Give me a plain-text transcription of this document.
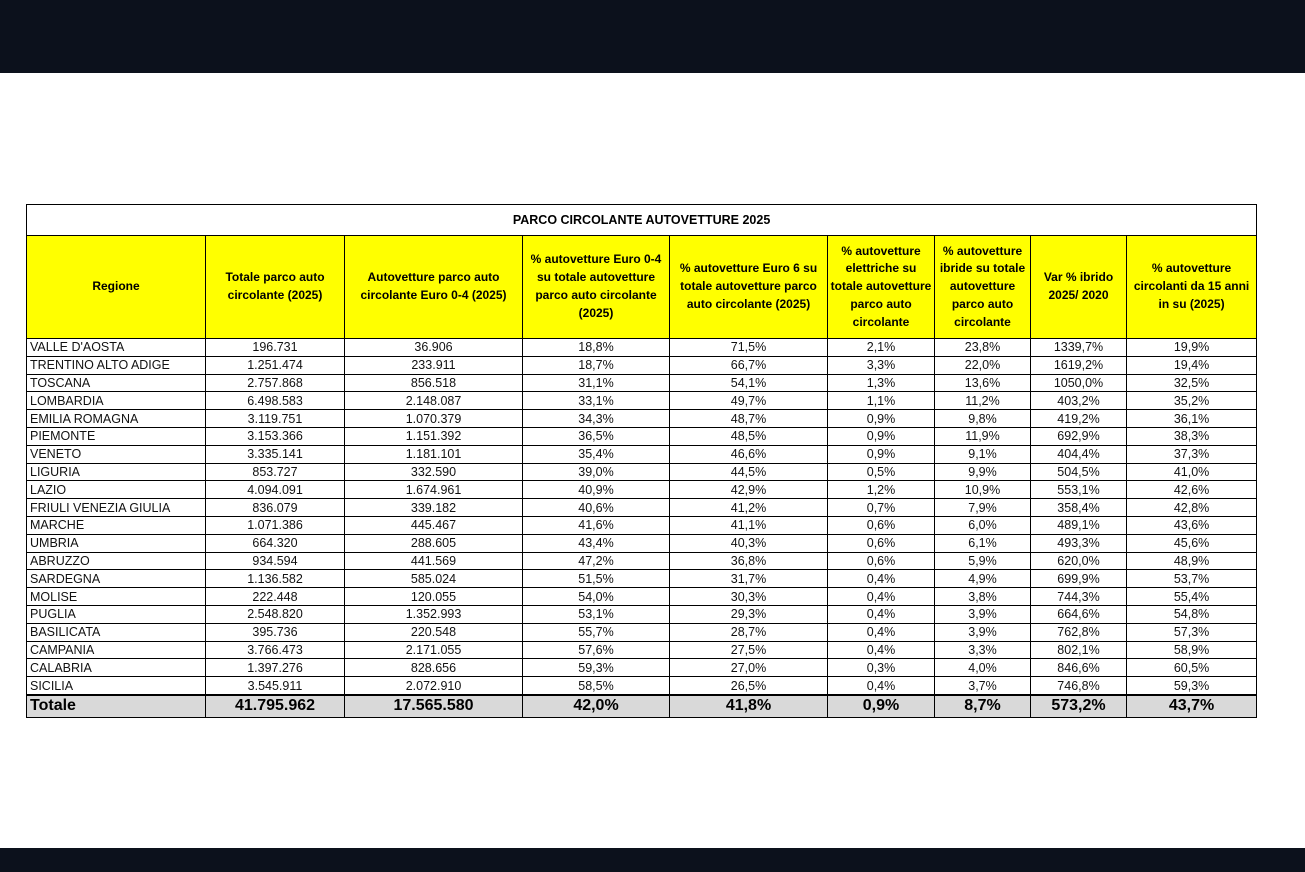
PARCO CIRCOLANTE AUTOVETTURE 2025								
Regione	Totale parco auto circolante (2025)	Autovetture parco auto circolante Euro 0-4 (2025)	% autovetture Euro 0-4 su totale autovetture parco auto circolante (2025)	% autovetture Euro 6 su totale autovetture parco auto circolante (2025)	% autovetture elettriche su totale autovetture parco auto circolante	% autovetture ibride su totale autovetture parco auto circolante	Var % ibrido 2025/ 2020	% autovetture circolanti da 15 anni in su (2025)
VALLE D'AOSTA	196.731	36.906	18,8%	71,5%	2,1%	23,8%	1339,7%	19,9%
TRENTINO ALTO ADIGE	1.251.474	233.911	18,7%	66,7%	3,3%	22,0%	1619,2%	19,4%
TOSCANA	2.757.868	856.518	31,1%	54,1%	1,3%	13,6%	1050,0%	32,5%
LOMBARDIA	6.498.583	2.148.087	33,1%	49,7%	1,1%	11,2%	403,2%	35,2%
EMILIA ROMAGNA	3.119.751	1.070.379	34,3%	48,7%	0,9%	9,8%	419,2%	36,1%
PIEMONTE	3.153.366	1.151.392	36,5%	48,5%	0,9%	11,9%	692,9%	38,3%
VENETO	3.335.141	1.181.101	35,4%	46,6%	0,9%	9,1%	404,4%	37,3%
LIGURIA	853.727	332.590	39,0%	44,5%	0,5%	9,9%	504,5%	41,0%
LAZIO	4.094.091	1.674.961	40,9%	42,9%	1,2%	10,9%	553,1%	42,6%
FRIULI VENEZIA GIULIA	836.079	339.182	40,6%	41,2%	0,7%	7,9%	358,4%	42,8%
MARCHE	1.071.386	445.467	41,6%	41,1%	0,6%	6,0%	489,1%	43,6%
UMBRIA	664.320	288.605	43,4%	40,3%	0,6%	6,1%	493,3%	45,6%
ABRUZZO	934.594	441.569	47,2%	36,8%	0,6%	5,9%	620,0%	48,9%
SARDEGNA	1.136.582	585.024	51,5%	31,7%	0,4%	4,9%	699,9%	53,7%
MOLISE	222.448	120.055	54,0%	30,3%	0,4%	3,8%	744,3%	55,4%
PUGLIA	2.548.820	1.352.993	53,1%	29,3%	0,4%	3,9%	664,6%	54,8%
BASILICATA	395.736	220.548	55,7%	28,7%	0,4%	3,9%	762,8%	57,3%
CAMPANIA	3.766.473	2.171.055	57,6%	27,5%	0,4%	3,3%	802,1%	58,9%
CALABRIA	1.397.276	828.656	59,3%	27,0%	0,3%	4,0%	846,6%	60,5%
SICILIA	3.545.911	2.072.910	58,5%	26,5%	0,4%	3,7%	746,8%	59,3%
Totale	41.795.962	17.565.580	42,0%	41,8%	0,9%	8,7%	573,2%	43,7%
